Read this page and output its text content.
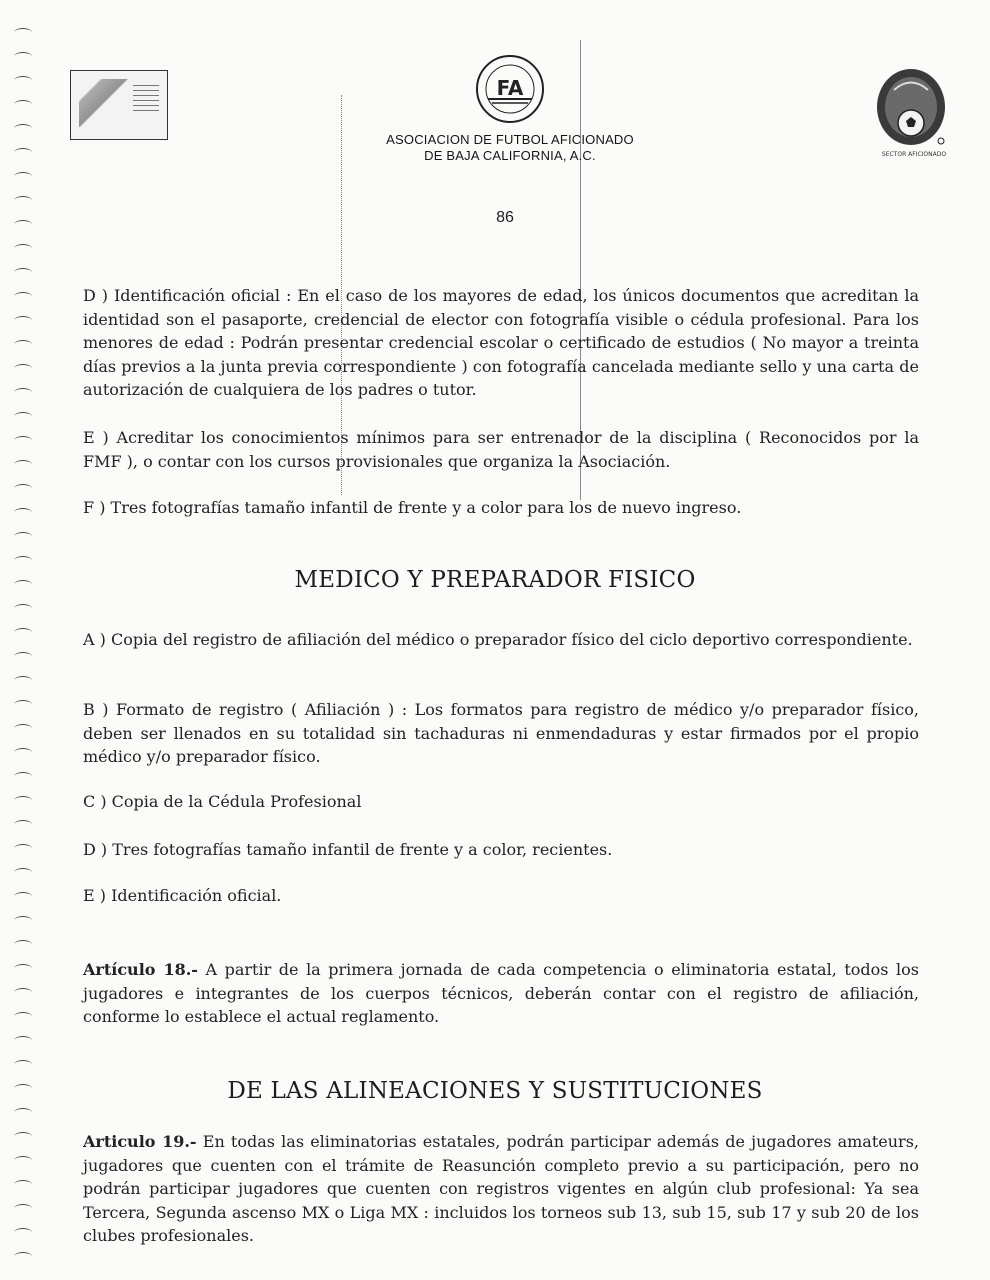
FA
ASOCIACION DE FUTBOL AFICIONADO
DE BAJA CALIFORNIA, A.C.
86
SECTOR AFICIONADO
D ) Identificación oficial : En el caso de los mayores de edad, los únicos documentos que acreditan la identidad son el pasaporte, credencial de elector con fotografía visible o cédula profesional. Para los menores de edad : Podrán presentar credencial escolar o certificado de estudios ( No mayor a treinta días previos a la junta previa correspondiente ) con fotografía cancelada mediante sello y una carta de autorización de cualquiera de los padres o tutor.
E ) Acreditar los conocimientos mínimos para ser entrenador de la disciplina ( Reconocidos por la FMF ), o contar con los cursos provisionales que organiza la Asociación.
F ) Tres fotografías tamaño infantil de frente y a color para los de nuevo ingreso.
MEDICO Y PREPARADOR FISICO
A ) Copia del registro de afiliación del médico o preparador físico del ciclo deportivo correspondiente.
B ) Formato de registro ( Afiliación ) : Los formatos para registro de médico y/o preparador físico, deben ser llenados en su totalidad sin tachaduras ni enmendaduras y estar firmados por el propio médico y/o preparador físico.
C ) Copia de la Cédula Profesional
D ) Tres fotografías tamaño infantil de frente y a color, recientes.
E ) Identificación oficial.
Artículo 18.- A partir de la primera jornada de cada competencia o eliminatoria estatal, todos los jugadores e integrantes de los cuerpos técnicos, deberán contar con el registro de afiliación, conforme lo establece el actual reglamento.
DE LAS ALINEACIONES Y SUSTITUCIONES
Articulo 19.- En todas las eliminatorias estatales, podrán participar además de jugadores amateurs, jugadores que cuenten con el trámite de Reasunción completo previo a su participación, pero no podrán participar jugadores que cuenten con registros vigentes en algún club profesional: Ya sea Tercera, Segunda ascenso MX o Liga MX : incluidos los torneos sub 13, sub 15, sub 17 y sub 20 de los clubes profesionales.
